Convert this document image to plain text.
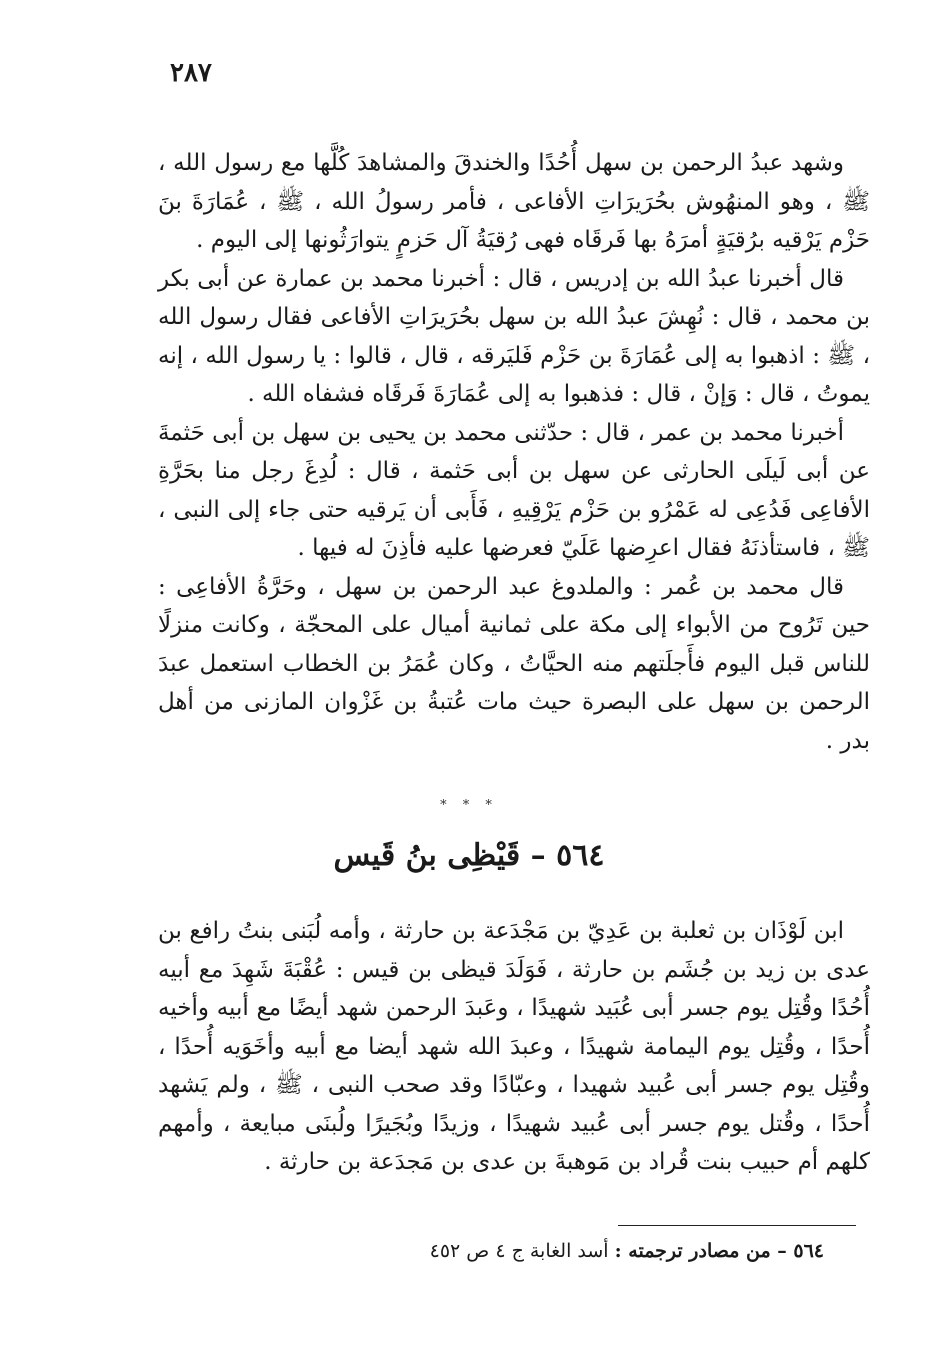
٢٨٧

وشهد عبدُ الرحمن بن سهل أُحُدًا والخندقَ والمشاهدَ كُلَّها مع رسول الله ، ﷺ ، وهو المنهُوش بحُرَيرَاتِ الأفاعى ، فأمر رسولُ الله ، ﷺ ، عُمَارَةَ بنَ حَزْم يَرْقيه برُقيَةٍ أمرَهُ بها فَرقَاه فهى رُقيَةُ آل حَزمٍ يتوارَثُونها إلى اليوم .

قال أخبرنا عبدُ الله بن إدريس ، قال : أخبرنا محمد بن عمارة عن أبى بكر بن محمد ، قال : نُهِشَ عبدُ الله بن سهل بحُرَيرَاتِ الأفاعى فقال رسول الله ، ﷺ : اذهبوا به إلى عُمَارَةَ بن حَزْم فَليَرقه ، قال ، قالوا : يا رسول الله ، إنه يموتُ ، قال : وَإنْ ، قال : فذهبوا به إلى عُمَارَةَ فَرقَاه فشفاه الله .

أخبرنا محمد بن عمر ، قال : حدّثنى محمد بن يحيى بن سهل بن أبى حَثمةَ عن أبى لَيلَى الحارثى عن سهل بن أبى حَثمة ، قال : لُدِغَ رجل منا بحَرَّةِ الأفاعِى فَدُعِى له عَمْرُو بن حَزْم يَرْقِيهِ ، فَأَبى أن يَرقيه حتى جاء إلى النبى ، ﷺ ، فاستأذنَهُ فقال اعرِضها عَلَيّ فعرضها عليه فأذِنَ له فيها .

قال محمد بن عُمر : والملدوغ عبد الرحمن بن سهل ، وحَرَّةُ الأفاعِى : حين تَرُوح من الأبواء إلى مكة على ثمانية أميال على المحجّة ، وكانت منزلًا للناس قبل اليوم فأَجلَتهم منه الحيَّاتُ ، وكان عُمَرُ بن الخطاب استعمل عبدَ الرحمن بن سهل على البصرة حيث مات عُتبةُ بن غَزْوان المازنى من أهل بدر .

* * *
٥٦٤ – قَيْظِى بنُ قَيس

ابن لَوْذَان بن ثعلبة بن عَدِيّ بن مَجْدَعة بن حارثة ، وأمه لُبَنى بنتُ رافع بن عدى بن زيد بن جُشَم بن حارثة ، فَوَلَدَ قيظى بن قيس : عُقْبَةَ شَهِدَ مع أبيه أُحُدًا وقُتِل يوم جسر أبى عُبَيد شهيدًا ، وعَبدَ الرحمن شهد أيضًا مع أبيه وأخيه أُحدًا ، وقُتِل يوم اليمامة شهيدًا ، وعبدَ الله شهد أيضا مع أبيه وأخَوَيه أُحدًا ، وقُتِل يوم جسر أبى عُبيد شهيدا ، وعبّادًا وقد صحب النبى ، ﷺ ، ولم يَشهد أُحدًا ، وقُتل يوم جسر أبى عُبيد شهيدًا ، وزيدًا وبُجَيرًا ولُبنَى مبايعة ، وأمهم كلهم أم حبيب بنت قُراد بن مَوهبةَ بن عدى بن مَجدَعة بن حارثة .

٥٦٤ – من مصادر ترجمته : أسد الغابة ج ٤ ص ٤٥٢
